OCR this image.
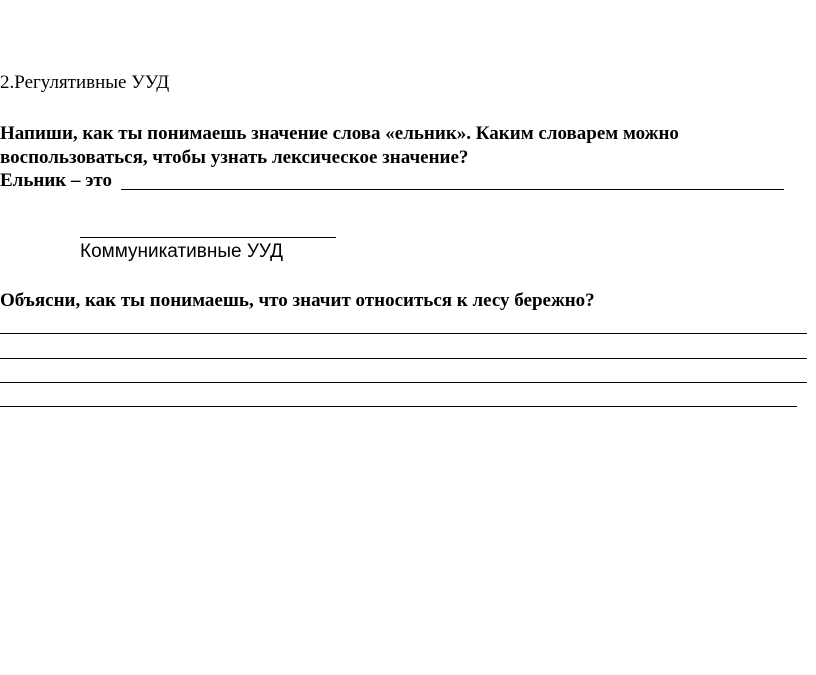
2.Регулятивные УУД

Напиши, как ты понимаешь значение слова «ельник». Каким словарем можно
воспользоваться, чтобы узнать лексическое значение?

Ельник – это
Коммуникативные УУД

Объясни, как ты понимаешь, что значит относиться к лесу бережно?
